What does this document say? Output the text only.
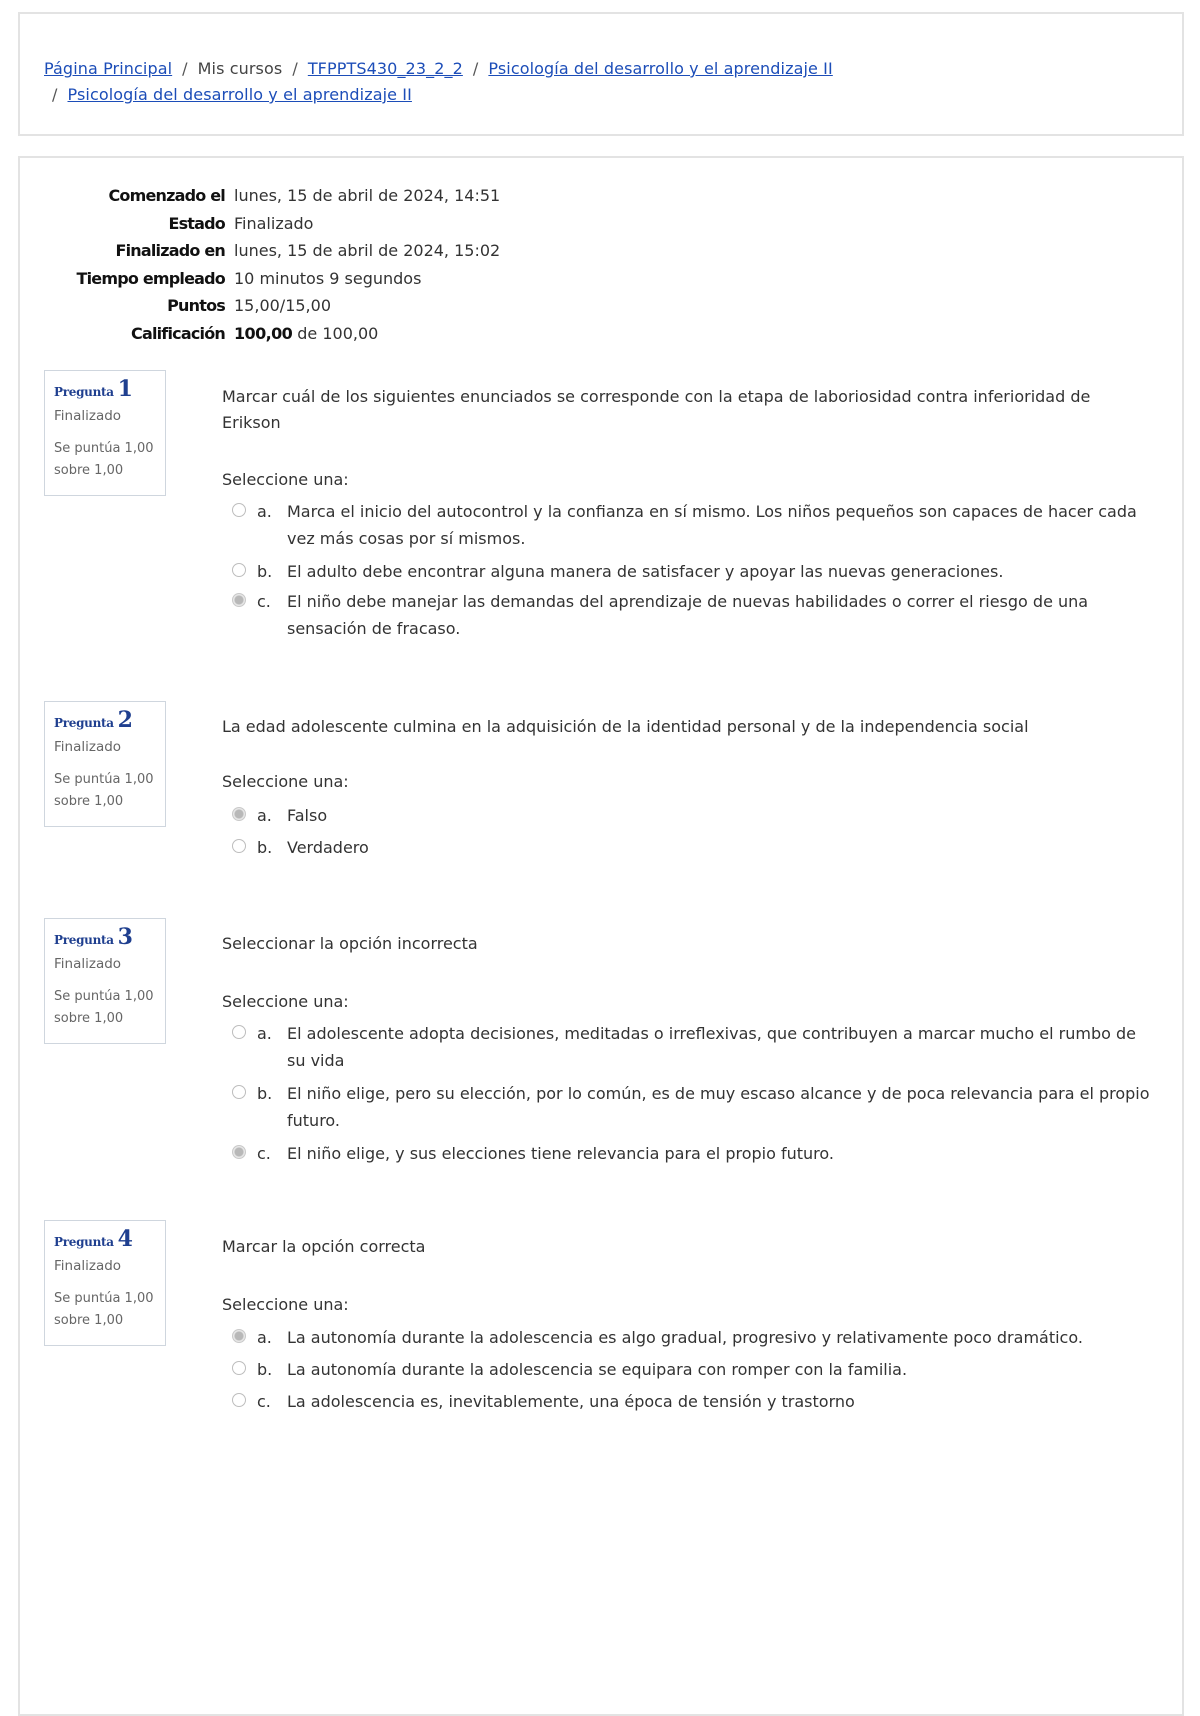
Página Principal / Mis cursos / TFPPTS430_23_2_2 / Psicología del desarrollo y el aprendizaje II
/ Psicología del desarrollo y el aprendizaje II
Comenzado el lunes, 15 de abril de 2024, 14:51
Estado Finalizado
Finalizado en lunes, 15 de abril de 2024, 15:02
Tiempo empleado 10 minutos 9 segundos
Puntos 15,00/15,00
Calificación 100,00 de 100,00
Pregunta 1
Finalizado
Se puntúa 1,00 sobre 1,00
Marcar cuál de los siguientes enunciados se corresponde con la etapa de laboriosidad contra inferioridad de Erikson
Seleccione una:
a. Marca el inicio del autocontrol y la confianza en sí mismo. Los niños pequeños son capaces de hacer cada vez más cosas por sí mismos.
b. El adulto debe encontrar alguna manera de satisfacer y apoyar las nuevas generaciones.
c. El niño debe manejar las demandas del aprendizaje de nuevas habilidades o correr el riesgo de una sensación de fracaso.
Pregunta 2
Finalizado
Se puntúa 1,00 sobre 1,00
La edad adolescente culmina en la adquisición de la identidad personal y de la independencia social
Seleccione una:
a. Falso
b. Verdadero
Pregunta 3
Finalizado
Se puntúa 1,00 sobre 1,00
Seleccionar la opción incorrecta
Seleccione una:
a. El adolescente adopta decisiones, meditadas o irreflexivas, que contribuyen a marcar mucho el rumbo de su vida
b. El niño elige, pero su elección, por lo común, es de muy escaso alcance y de poca relevancia para el propio futuro.
c. El niño elige, y sus elecciones tiene relevancia para el propio futuro.
Pregunta 4
Finalizado
Se puntúa 1,00 sobre 1,00
Marcar la opción correcta
Seleccione una:
a. La autonomía durante la adolescencia es algo gradual, progresivo y relativamente poco dramático.
b. La autonomía durante la adolescencia se equipara con romper con la familia.
c. La adolescencia es, inevitablemente, una época de tensión y trastorno
